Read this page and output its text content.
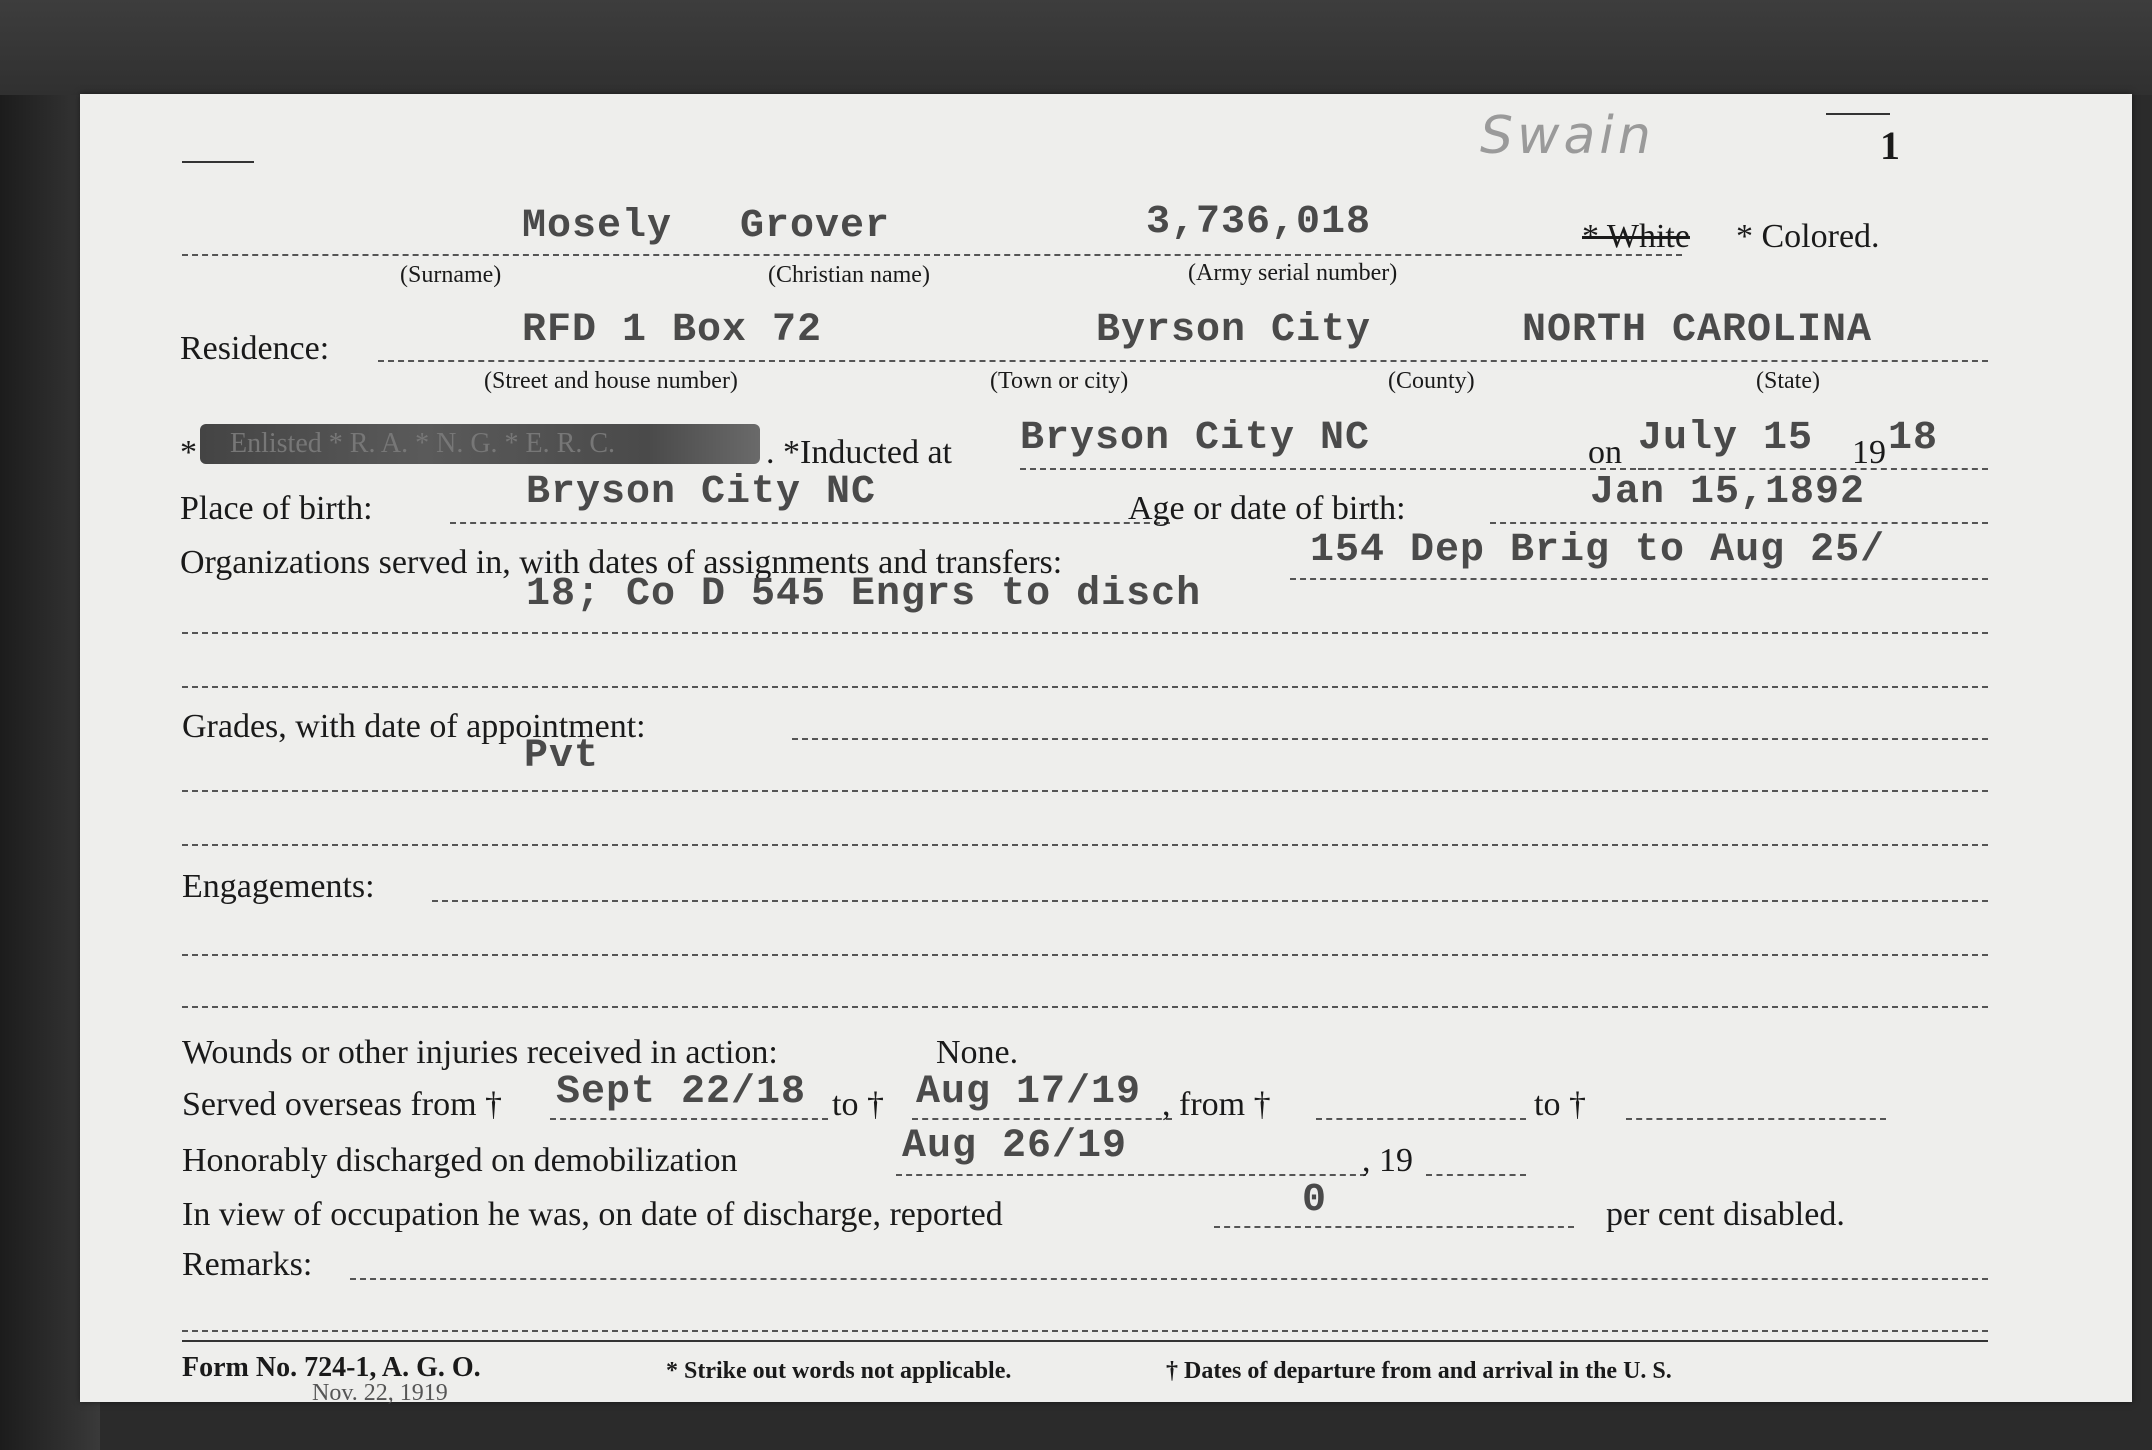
Swain	1
Mosely Grover	3,736,018	* White * Colored.
(Surname)	(Christian name)	(Army serial number)
Residence:	RFD 1 Box 72	Byrson City	NORTH CAROLINA
(Street and house number)	(Town or city)	(County)	(State)
* Enlisted * R. A. * N. G. * E. R. C.	. *Inducted at Bryson City NC	on July 15 19 18
Place of birth:	Bryson City NC	Age or date of birth:	Jan 15,1892
Organizations served in, with dates of assignments and transfers:	154 Dep Brig to Aug 25/
18; Co D 545 Engrs to disch
Grades, with date of appointment:
Pvt
Engagements:
Wounds or other injuries received in action:	None.
Served overseas from † Sept 22/18 to † Aug 17/19 , from †	to †
Honorably discharged on demobilization	Aug 26/19	, 19
In view of occupation he was, on date of discharge, reported	0	per cent disabled.
Remarks:
Form No. 724-1, A. G. O.
Nov. 22, 1919
* Strike out words not applicable.	† Dates of departure from and arrival in the U. S.
